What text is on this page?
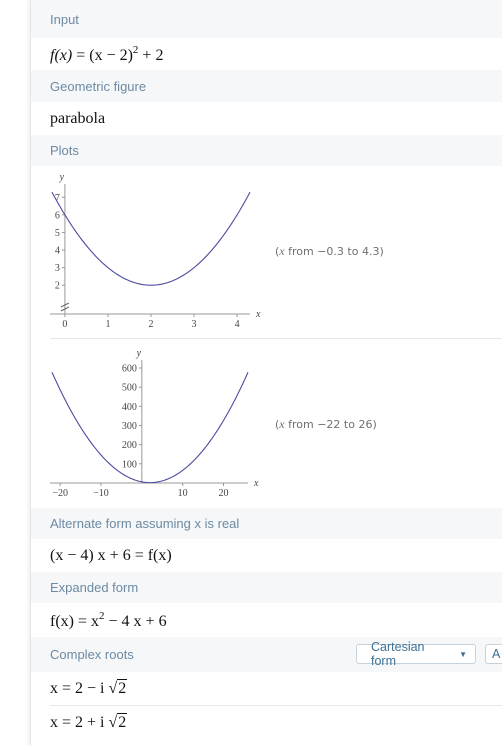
Input
$f(x) = (x - 2)^2 + 2$
Geometric figure
parabola
Plots
0	1	2	3	4
2
3
4
5
6
7
x
y
(x from −0.3 to 4.3)
−20	−10	10	20
100
200
300
400
500
600
x
y
(x from −22 to 26)
Alternate form assuming x is real
(x − 4) x + 6 = f(x)
Expanded form
$f(x) = x^2 - 4$ x + 6
Complex roots
x = 2 − i √2
x = 2 + i √2
Cartesian form	▼ A
